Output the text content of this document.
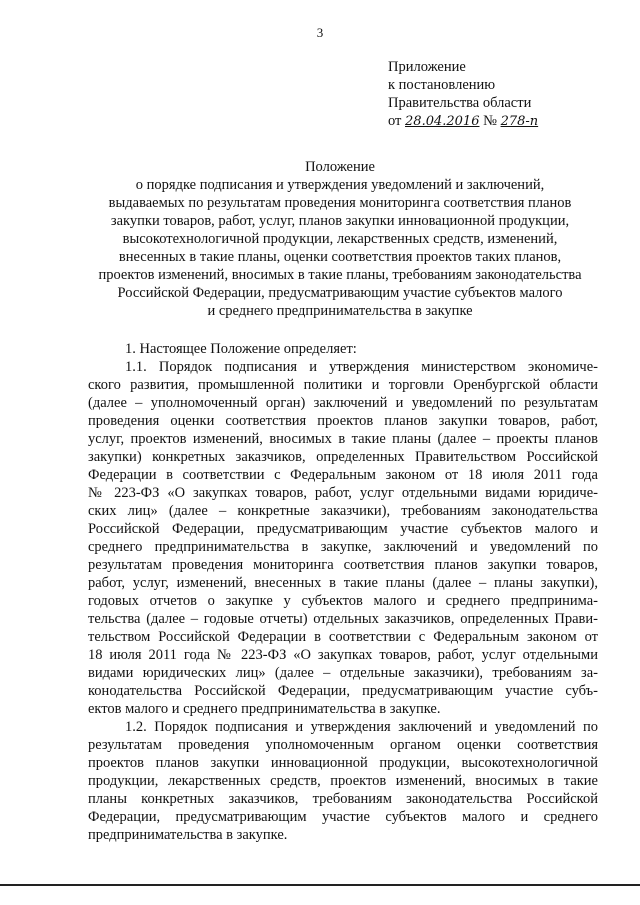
3
Приложение
к постановлению
Правительства области
от 28.04.2016 № 278-п
Положение
о порядке подписания и утверждения уведомлений и заключений,
выдаваемых по результатам проведения мониторинга соответствия планов
закупки товаров, работ, услуг, планов закупки инновационной продукции,
высокотехнологичной продукции, лекарственных средств, изменений,
внесенных в такие планы, оценки соответствия проектов таких планов,
проектов изменений, вносимых в такие планы, требованиям законодательства
Российской Федерации, предусматривающим участие субъектов малого
и среднего предпринимательства в закупке
1. Настоящее Положение определяет:
1.1. Порядок подписания и утверждения министерством экономиче-
ского развития, промышленной политики и торговли Оренбургской области
(далее – уполномоченный орган) заключений и уведомлений по результатам
проведения оценки соответствия проектов планов закупки товаров, работ,
услуг, проектов изменений, вносимых в такие планы (далее – проекты планов
закупки) конкретных заказчиков, определенных Правительством Российской
Федерации в соответствии с Федеральным законом от 18 июля 2011 года
№ 223-ФЗ «О закупках товаров, работ, услуг отдельными видами юридиче-
ских лиц» (далее – конкретные заказчики), требованиям законодательства
Российской Федерации, предусматривающим участие субъектов малого и
среднего предпринимательства в закупке, заключений и уведомлений по
результатам проведения мониторинга соответствия планов закупки товаров,
работ, услуг, изменений, внесенных в такие планы (далее – планы закупки),
годовых отчетов о закупке у субъектов малого и среднего предпринима-
тельства (далее – годовые отчеты) отдельных заказчиков, определенных Прави-
тельством Российской Федерации в соответствии с Федеральным законом от
18 июля 2011 года № 223-ФЗ «О закупках товаров, работ, услуг отдельными
видами юридических лиц» (далее – отдельные заказчики), требованиям за-
конодательства Российской Федерации, предусматривающим участие субъ-
ектов малого и среднего предпринимательства в закупке.
1.2. Порядок подписания и утверждения заключений и уведомлений по
результатам проведения уполномоченным органом оценки соответствия
проектов планов закупки инновационной продукции, высокотехнологичной
продукции, лекарственных средств, проектов изменений, вносимых в такие
планы конкретных заказчиков, требованиям законодательства Российской
Федерации, предусматривающим участие субъектов малого и среднего
предпринимательства в закупке.
